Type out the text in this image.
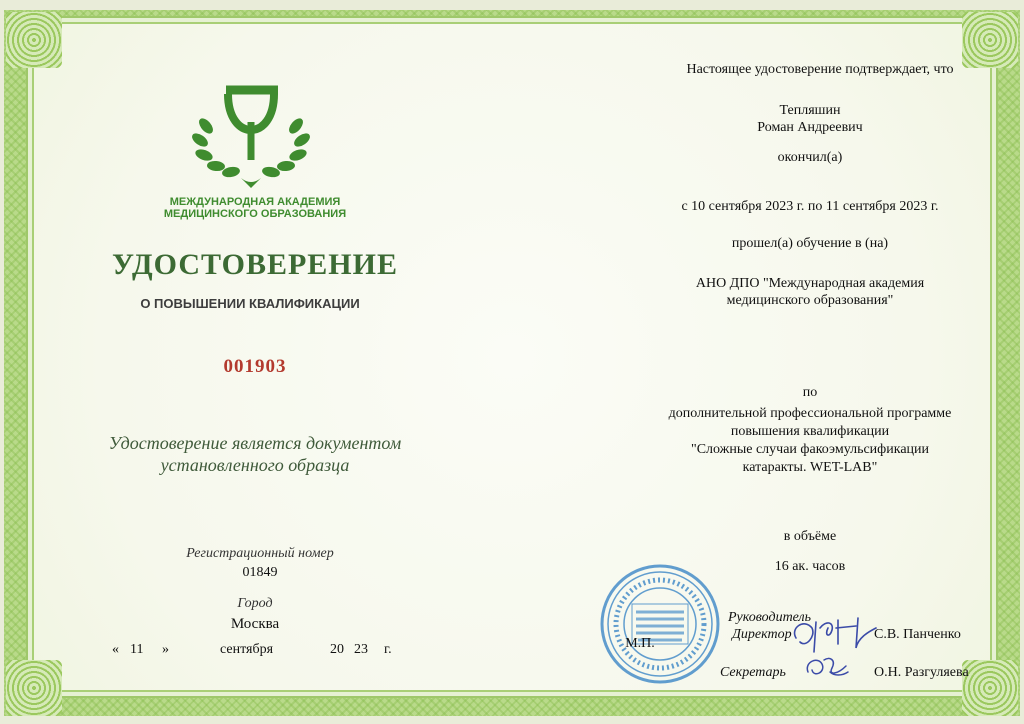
МЕЖДУНАРОДНАЯ АКАДЕМИЯ
МЕДИЦИНСКОГО ОБРАЗОВАНИЯ
УДОСТОВЕРЕНИЕ
О ПОВЫШЕНИИ КВАЛИФИКАЦИИ
001903
Удостоверение является документом
установленного образца
Регистрационный номер
01849
Город
Москва
« 11 »	сентября	20 23 г.
Настоящее удостоверение подтверждает, что
Тепляшин
Роман Андреевич
окончил(а)
с 10 сентября 2023 г. по 11 сентября 2023 г.
прошел(а) обучение в (на)
АНО ДПО "Международная академия
медицинского образования"
по
дополнительной профессиональной программе
повышения квалификации
"Сложные случаи факоэмульсификации
катаракты. WET-LAB"
в объёме
16 ак. часов
М.П.
Руководитель
Директор	С.В. Панченко
Секретарь	О.Н. Разгуляева
